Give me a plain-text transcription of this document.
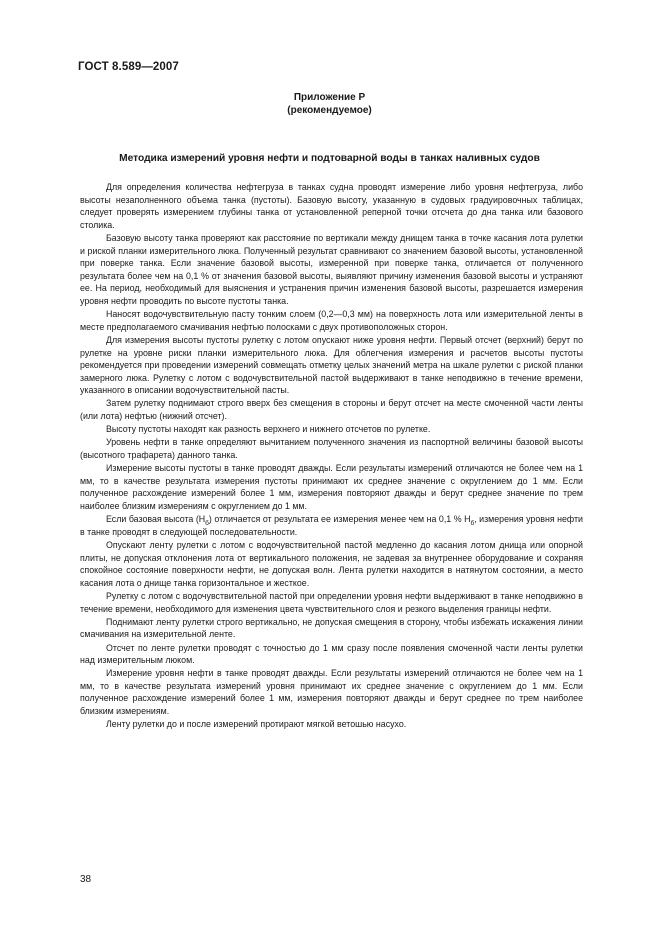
ГОСТ 8.589—2007
Приложение Р
(рекомендуемое)
Методика измерений уровня нефти и подтоварной воды в танках наливных судов

Для определения количества нефтегруза в танках судна проводят измерение либо уровня нефтегруза, либо высоты незаполненного объема танка (пустоты). Базовую высоту, указанную в судовых градуировочных таблицах, следует проверять измерением глубины танка от установленной реперной точки отсчета до дна танка или базового столика.

Базовую высоту танка проверяют как расстояние по вертикали между днищем танка в точке касания лота рулетки и риской планки измерительного люка. Полученный результат сравнивают со значением базовой высоты, установленной при поверке танка. Если значение базовой высоты, измеренной при поверке танка, отличается от полученного результата более чем на 0,1 % от значения базовой высоты, выявляют причину изменения базовой высоты и устраняют ее. На период, необходимый для выяснения и устранения причин изменения базовой высоты, разрешается измерения уровня нефти проводить по высоте пустоты танка.

Наносят водочувствительную пасту тонким слоем (0,2—0,3 мм) на поверхность лота или измерительной ленты в месте предполагаемого смачивания нефтью полосками с двух противоположных сторон.

Для измерения высоты пустоты рулетку с лотом опускают ниже уровня нефти. Первый отсчет (верхний) берут по рулетке на уровне риски планки измерительного люка. Для облегчения измерения и расчетов высоты пустоты рекомендуется при проведении измерений совмещать отметку целых значений метра на шкале рулетки с риской планки замерного люка. Рулетку с лотом с водочувствительной пастой выдерживают в танке неподвижно в течение времени, указанного в описании водочувствительной пасты.

Затем рулетку поднимают строго вверх без смещения в стороны и берут отсчет на месте смоченной части ленты (или лота) нефтью (нижний отсчет).

Высоту пустоты находят как разность верхнего и нижнего отсчетов по рулетке.

Уровень нефти в танке определяют вычитанием полученного значения из паспортной величины базовой высоты (высотного трафарета) данного танка.

Измерение высоты пустоты в танке проводят дважды. Если результаты измерений отличаются не более чем на 1 мм, то в качестве результата измерения пустоты принимают их среднее значение с округлением до 1 мм. Если полученное расхождение измерений более 1 мм, измерения повторяют дважды и берут среднее значение по трем наиболее близким измерениям с округлением до 1 мм.

Если базовая высота $(Н_б)$ отличается от результата ее измерения менее чем на 0,1 % $Н_б$, измерения уровня нефти в танке проводят в следующей последовательности.

Опускают ленту рулетки с лотом с водочувствительной пастой медленно до касания лотом днища или опорной плиты, не допуская отклонения лота от вертикального положения, не задевая за внутреннее оборудование и сохраняя спокойное состояние поверхности нефти, не допуская волн. Лента рулетки находится в натянутом состоянии, а место касания лота о днище танка горизонтальное и жесткое.

Рулетку с лотом с водочувствительной пастой при определении уровня нефти выдерживают в танке неподвижно в течение времени, необходимого для изменения цвета чувствительного слоя и резкого выделения границы нефти.

Поднимают ленту рулетки строго вертикально, не допуская смещения в сторону, чтобы избежать искажения линии смачивания на измерительной ленте.

Отсчет по ленте рулетки проводят с точностью до 1 мм сразу после появления смоченной части ленты рулетки над измерительным люком.

Измерение уровня нефти в танке проводят дважды. Если результаты измерений отличаются не более чем на 1 мм, то в качестве результата измерений уровня принимают их среднее значение с округлением до 1 мм. Если полученное расхождение измерений более 1 мм, измерения повторяют дважды и берут среднее по трем наиболее близким измерениям.

Ленту рулетки до и после измерений протирают мягкой ветошью насухо.

38
